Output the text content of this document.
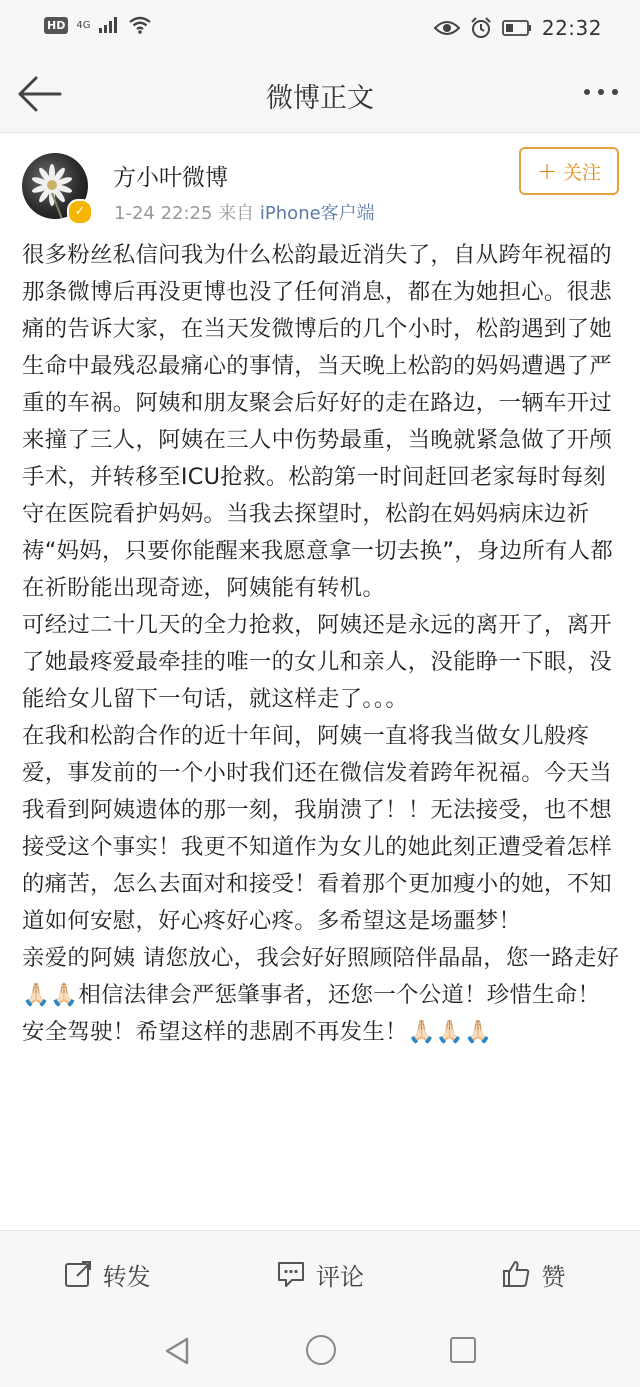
HD	4G	22:32
微博正文
✓
方小叶微博
1-24 22:25 来自 iPhone客户端
+ 关注
很多粉丝私信问我为什么松韵最近消失了，自从跨年祝福的那条微博后再没更博也没了任何消息，都在为她担心。很悲痛的告诉大家，在当天发微博后的几个小时，松韵遇到了她生命中最残忍最痛心的事情，当天晚上松韵的妈妈遭遇了严重的车祸。阿姨和朋友聚会后好好的走在路边，一辆车开过来撞了三人，阿姨在三人中伤势最重，当晚就紧急做了开颅手术，并转移至ICU抢救。松韵第一时间赶回老家每时每刻守在医院看护妈妈。当我去探望时，松韵在妈妈病床边祈祷“妈妈，只要你能醒来我愿意拿一切去换”，身边所有人都在祈盼能出现奇迹，阿姨能有转机。
可经过二十几天的全力抢救，阿姨还是永远的离开了，离开了她最疼爱最牵挂的唯一的女儿和亲人，没能睁一下眼，没能给女儿留下一句话，就这样走了。。。
在我和松韵合作的近十年间，阿姨一直将我当做女儿般疼爱，事发前的一个小时我们还在微信发着跨年祝福。今天当我看到阿姨遗体的那一刻，我崩溃了！！无法接受，也不想接受这个事实！我更不知道作为女儿的她此刻正遭受着怎样的痛苦，怎么去面对和接受！看着那个更加瘦小的她，不知道如何安慰，好心疼好心疼。多希望这是场噩梦！
亲爱的阿姨 请您放心，我会好好照顾陪伴晶晶，您一路走好🙏🏻🙏🏻相信法律会严惩肇事者，还您一个公道！珍惜生命！安全驾驶！希望这样的悲剧不再发生！🙏🏻🙏🏻🙏🏻
转发	评论	赞
